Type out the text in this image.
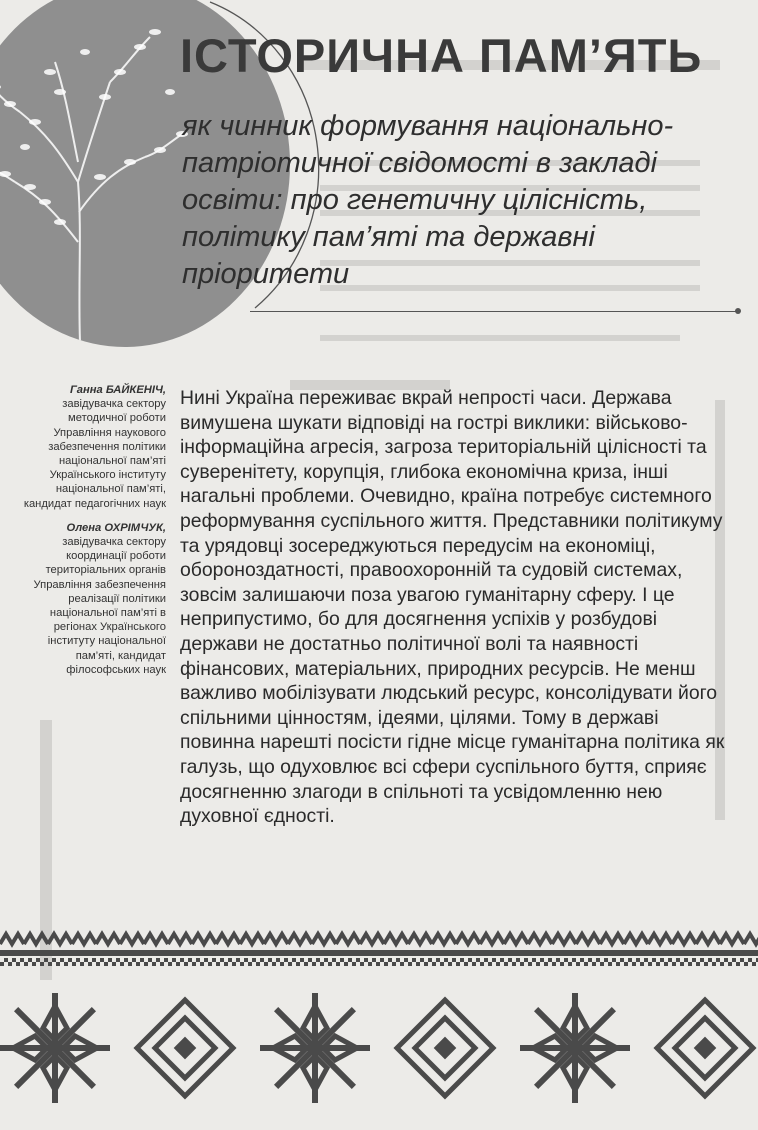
ІСТОРИЧНА ПАМ’ЯТЬ

як чинник формування національно-патріотичної свідомості в закладі освіти: про генетичну цілісність, політику пам’яті та державні пріоритети

Ганна БАЙКЕНІЧ,
завідувачка сектору методичної роботи Управління наукового забезпечення політики національної пам’яті Українського інституту національної пам’яті, кандидат педагогічних наук
Олена ОХРІМЧУК,
завідувачка сектору координації роботи територіальних органів Управління забезпечення реалізації політики національної пам’яті в регіонах Українського інституту національної пам’яті, кандидат філософських наук

Нині Україна переживає вкрай непрості часи. Держава вимушена шукати відповіді на гострі виклики: військово-інформаційна агресія, загроза територіальній цілісності та суверенітету, корупція, глибока економічна криза, інші нагальні проблеми. Очевидно, країна потребує системного реформування суспільного життя. Представники політикуму та урядовці зосереджуються передусім на економіці, обороноздатності, правоохоронній та судовій системах, зовсім залишаючи поза увагою гуманітарну сферу. І це неприпустимо, бо для досягнення успіхів у розбудові держави не достатньо політичної волі та наявності фінансових, матеріальних, природних ресурсів. Не менш важливо мобілізувати людський ресурс, консолідувати його спільними цінностям, ідеями, цілями. Тому в державі повинна нарешті посісти гідне місце гуманітарна політика як галузь, що одуховлює всі сфери суспільного буття, сприяє досягненню злагоди в спільноті та усвідомленню нею духовної єдності.
